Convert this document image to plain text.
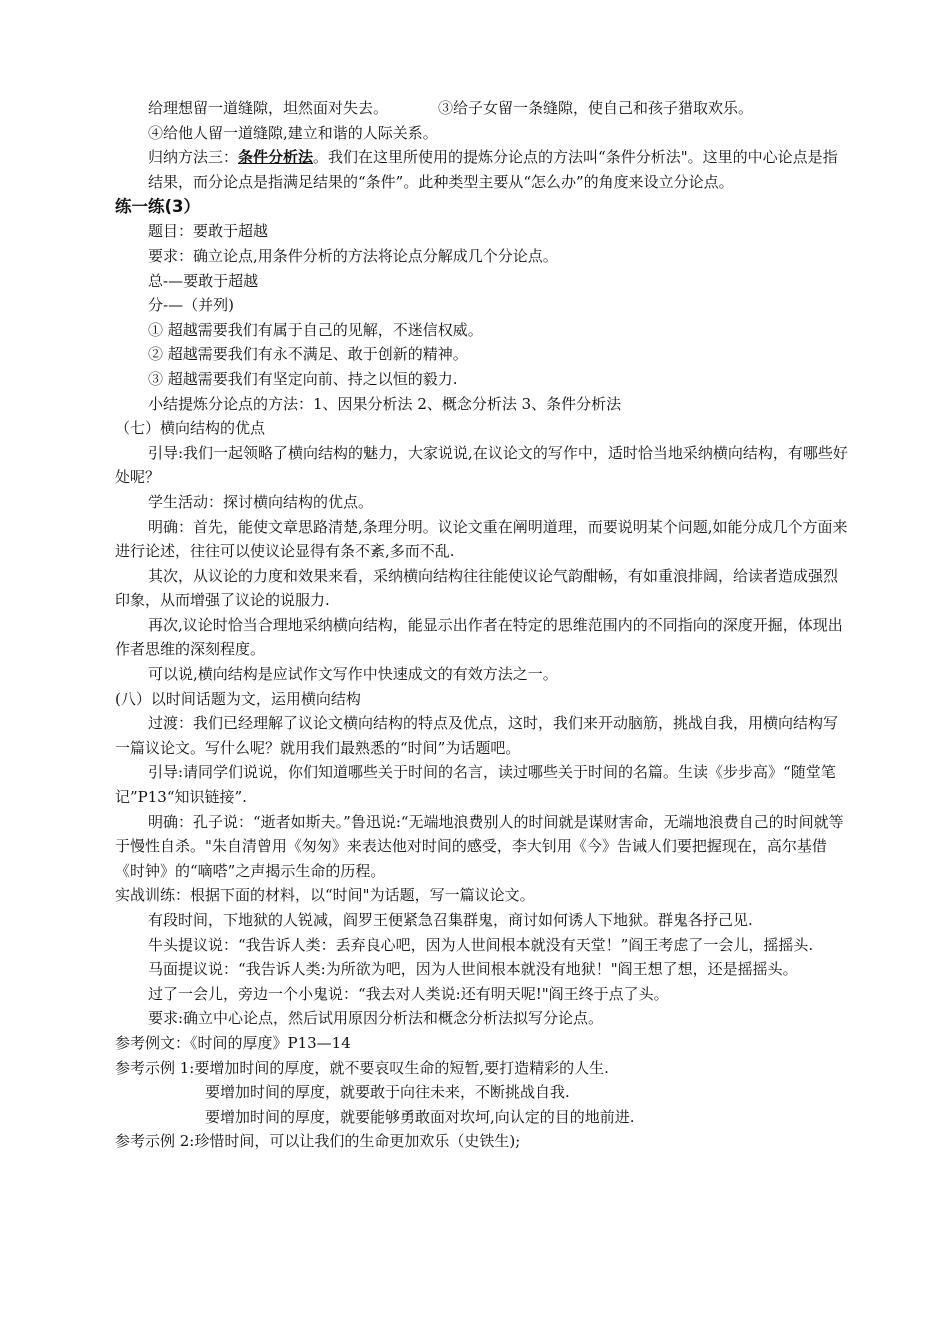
给理想留一道缝隙，坦然面对失去。	③给子女留一条缝隙，使自己和孩子猎取欢乐。

④给他人留一道缝隙,建立和谐的人际关系。

归纳方法三：条件分析法。我们在这里所使用的提炼分论点的方法叫“条件分析法"。这里的中心论点是指结果，而分论点是指满足结果的“条件”。此种类型主要从“怎么办”的角度来设立分论点。

练一练(3）

题目：要敢于超越

要求：确立论点,用条件分析的方法将论点分解成几个分论点。

总-—要敢于超越

分-—（并列)

① 超越需要我们有属于自己的见解，不迷信权威。

② 超越需要我们有永不满足、敢于创新的精神。

③ 超越需要我们有坚定向前、持之以恒的毅力.

小结提炼分论点的方法：1、因果分析法 2、概念分析法 3、条件分析法

（七）横向结构的优点

引导:我们一起领略了横向结构的魅力，大家说说,在议论文的写作中，适时恰当地采纳横向结构，有哪些好处呢？

学生活动：探讨横向结构的优点。

明确：首先，能使文章思路清楚,条理分明。议论文重在阐明道理，而要说明某个问题,如能分成几个方面来进行论述，往往可以使议论显得有条不紊,多而不乱.

其次，从议论的力度和效果来看，采纳横向结构往往能使议论气韵酣畅，有如重浪排阔，给读者造成强烈印象，从而增强了议论的说服力.

再次,议论时恰当合理地采纳横向结构，能显示出作者在特定的思维范围内的不同指向的深度开掘，体现出作者思维的深刻程度。

可以说,横向结构是应试作文写作中快速成文的有效方法之一。

(八）以时间话题为文，运用横向结构

过渡：我们已经理解了议论文横向结构的特点及优点，这时，我们来开动脑筋，挑战自我，用横向结构写一篇议论文。写什么呢？就用我们最熟悉的“时间”为话题吧。

引导:请同学们说说，你们知道哪些关于时间的名言，读过哪些关于时间的名篇。生读《步步高》“随堂笔记”P13“知识链接”.

明确：孔子说：“逝者如斯夫。”鲁迅说:“无端地浪费别人的时间就是谋财害命，无端地浪费自己的时间就等于慢性自杀。"朱自清曾用《匆匆》来表达他对时间的感受，李大钊用《今》告诫人们要把握现在，高尔基借《时钟》的“嘀嗒”之声揭示生命的历程。

实战训练：根据下面的材料，以“时间"为话题，写一篇议论文。

有段时间，下地狱的人锐减，阎罗王便紧急召集群鬼，商讨如何诱人下地狱。群鬼各抒己见.

牛头提议说：“我告诉人类：丢弃良心吧，因为人世间根本就没有天堂！”阎王考虑了一会儿，摇摇头.

马面提议说：“我告诉人类:为所欲为吧，因为人世间根本就没有地狱！"阎王想了想，还是摇摇头。

过了一会儿，旁边一个小鬼说：“我去对人类说:还有明天呢!"阎王终于点了头。

要求:确立中心论点，然后试用原因分析法和概念分析法拟写分论点。

参考例文：《时间的厚度》P13—14

参考示例 1:要增加时间的厚度，就不要哀叹生命的短暂,要打造精彩的人生.

要增加时间的厚度，就要敢于向往未来，不断挑战自我.

要增加时间的厚度，就要能够勇敢面对坎坷,向认定的目的地前进.

参考示例 2:珍惜时间，可以让我们的生命更加欢乐（史铁生);
